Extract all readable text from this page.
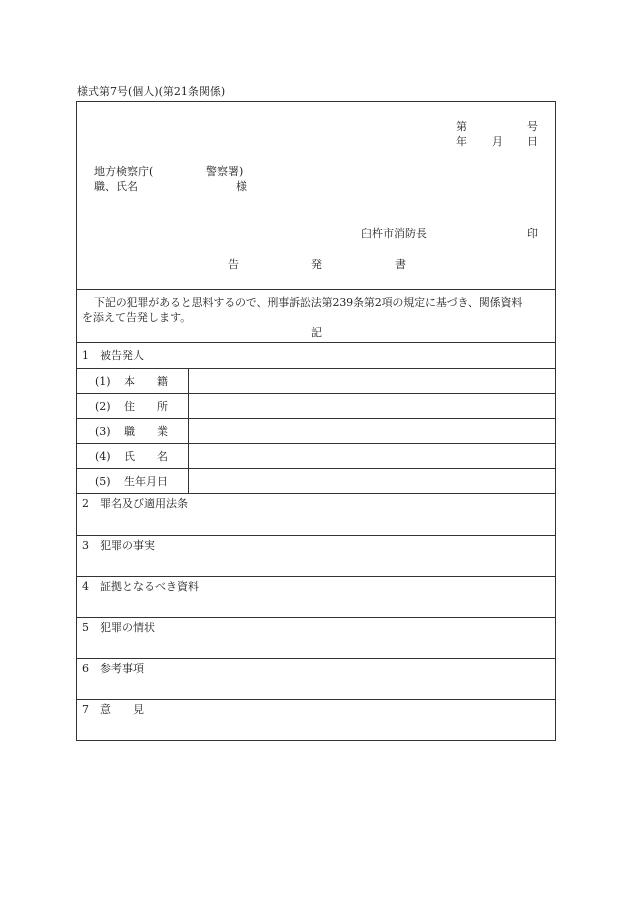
様式第7号(個人)(第21条関係)
第	号
年 月 日
地方検察庁(	警察署)
職、氏名	様
臼杵市消防長	印
告	発	書
下記の犯罪があると思料するので、刑事訴訟法第239条第2項の規定に基づき、関係資料
を添えて告発します。
記
1　被告発人
(1) 本　　籍
(2) 住　　所
(3) 職　　業
(4) 氏　　名
(5) 生年月日
2　罪名及び適用法条
3　犯罪の事実
4　証拠となるべき資料
5　犯罪の情状
6　参考事項
7　意　　見
